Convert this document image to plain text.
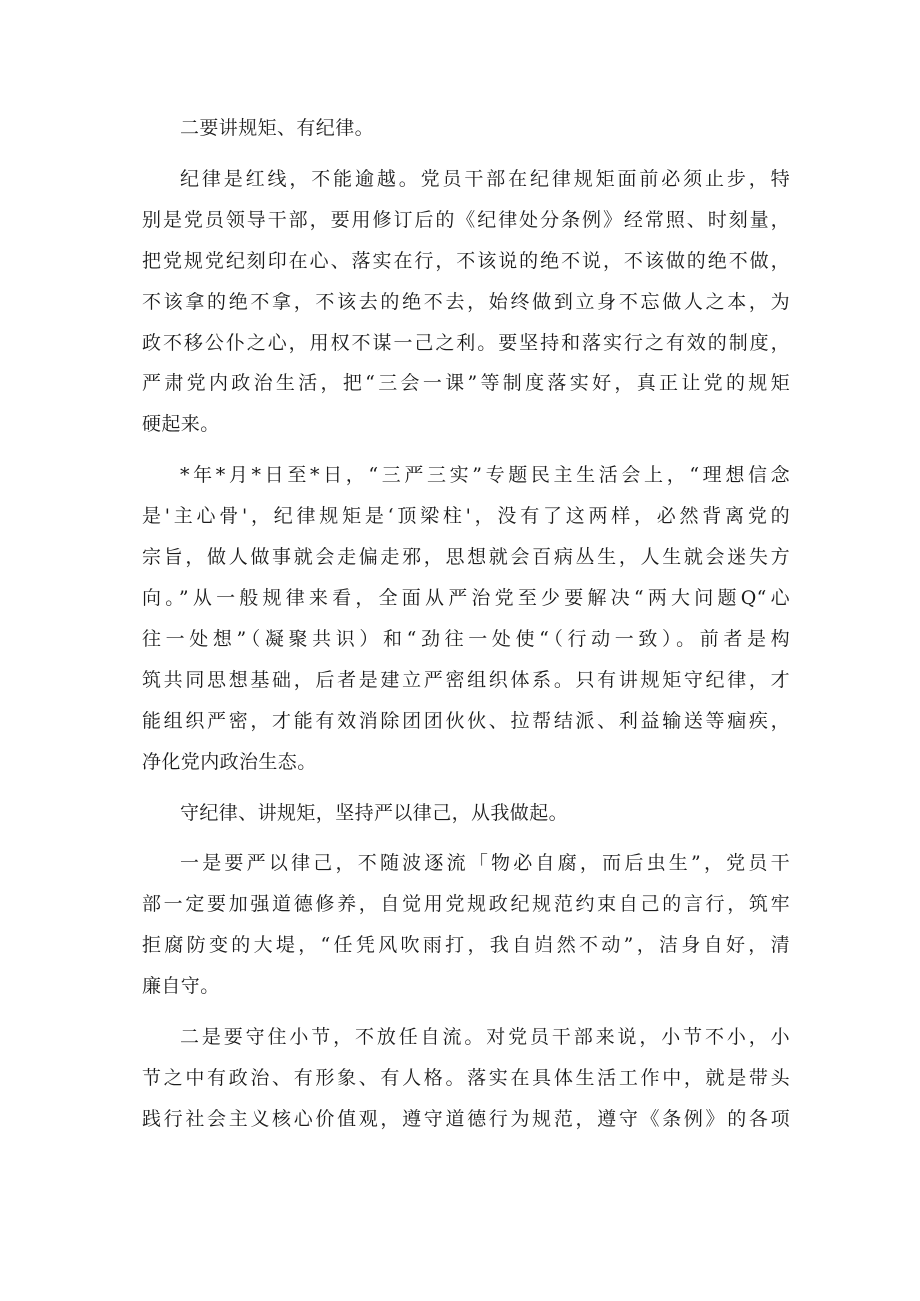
二要讲规矩、有纪律。
纪律是红线，不能逾越。党员干部在纪律规矩面前必须止步，特
别是党员领导干部，要用修订后的《纪律处分条例》经常照、时刻量，
把党规党纪刻印在心、落实在行，不该说的绝不说，不该做的绝不做，
不该拿的绝不拿，不该去的绝不去，始终做到立身不忘做人之本，为
政不移公仆之心，用权不谋一己之利。要坚持和落实行之有效的制度，
严肃党内政治生活，把“三会一课”等制度落实好，真正让党的规矩
硬起来。
*年*月*日至*日，“三严三实”专题民主生活会上，“理想信念
是'主心骨'，纪律规矩是‘顶梁柱'，没有了这两样，必然背离党的
宗旨，做人做事就会走偏走邪，思想就会百病丛生，人生就会迷失方
向。”从一般规律来看，全面从严治党至少要解决“两大问题Q“心
往一处想”（凝聚共识）和“劲往一处使“（行动一致）。前者是构
筑共同思想基础，后者是建立严密组织体系。只有讲规矩守纪律，才
能组织严密，才能有效消除团团伙伙、拉帮结派、利益输送等痼疾，
净化党内政治生态。
守纪律、讲规矩，坚持严以律己，从我做起。
一是要严以律己，不随波逐流「物必自腐，而后虫生”，党员干
部一定要加强道德修养，自觉用党规政纪规范约束自己的言行，筑牢
拒腐防变的大堤，“任凭风吹雨打，我自岿然不动”，洁身自好，清
廉自守。
二是要守住小节，不放任自流。对党员干部来说，小节不小，小
节之中有政治、有形象、有人格。落实在具体生活工作中，就是带头
践行社会主义核心价值观，遵守道德行为规范，遵守《条例》的各项
